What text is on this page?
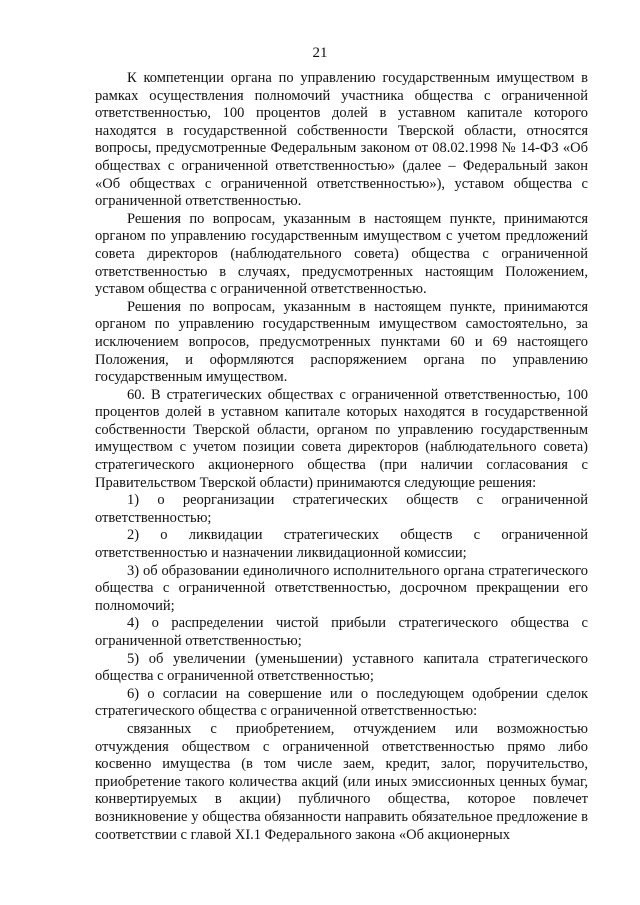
21

К компетенции органа по управлению государственным имуществом в рамках осуществления полномочий участника общества с ограниченной ответственностью, 100 процентов долей в уставном капитале которого находятся в государственной собственности Тверской области, относятся вопросы, предусмотренные Федеральным законом от 08.02.1998 № 14-ФЗ «Об обществах с ограниченной ответственностью» (далее – Федеральный закон «Об обществах с ограниченной ответственностью»), уставом общества с ограниченной ответственностью.

Решения по вопросам, указанным в настоящем пункте, принимаются органом по управлению государственным имуществом с учетом предложений совета директоров (наблюдательного совета) общества с ограниченной ответственностью в случаях, предусмотренных настоящим Положением, уставом общества с ограниченной ответственностью.

Решения по вопросам, указанным в настоящем пункте, принимаются органом по управлению государственным имуществом самостоятельно, за исключением вопросов, предусмотренных пунктами 60 и 69 настоящего Положения, и оформляются распоряжением органа по управлению государственным имуществом.

60. В стратегических обществах с ограниченной ответственностью, 100 процентов долей в уставном капитале которых находятся в государственной собственности Тверской области, органом по управлению государственным имуществом с учетом позиции совета директоров (наблюдательного совета) стратегического акционерного общества (при наличии согласования с Правительством Тверской области) принимаются следующие решения:

1) о реорганизации стратегических обществ с ограниченной ответственностью;

2) о ликвидации стратегических обществ с ограниченной ответственностью и назначении ликвидационной комиссии;

3) об образовании единоличного исполнительного органа стратегического общества с ограниченной ответственностью, досрочном прекращении его полномочий;

4) о распределении чистой прибыли стратегического общества с ограниченной ответственностью;

5) об увеличении (уменьшении) уставного капитала стратегического общества с ограниченной ответственностью;

6) о согласии на совершение или о последующем одобрении сделок стратегического общества с ограниченной ответственностью:

связанных с приобретением, отчуждением или возможностью отчуждения обществом с ограниченной ответственностью прямо либо косвенно имущества (в том числе заем, кредит, залог, поручительство, приобретение такого количества акций (или иных эмиссионных ценных бумаг, конвертируемых в акции) публичного общества, которое повлечет возникновение у общества обязанности направить обязательное предложение в соответствии с главой XI.1 Федерального закона «Об акционерных
